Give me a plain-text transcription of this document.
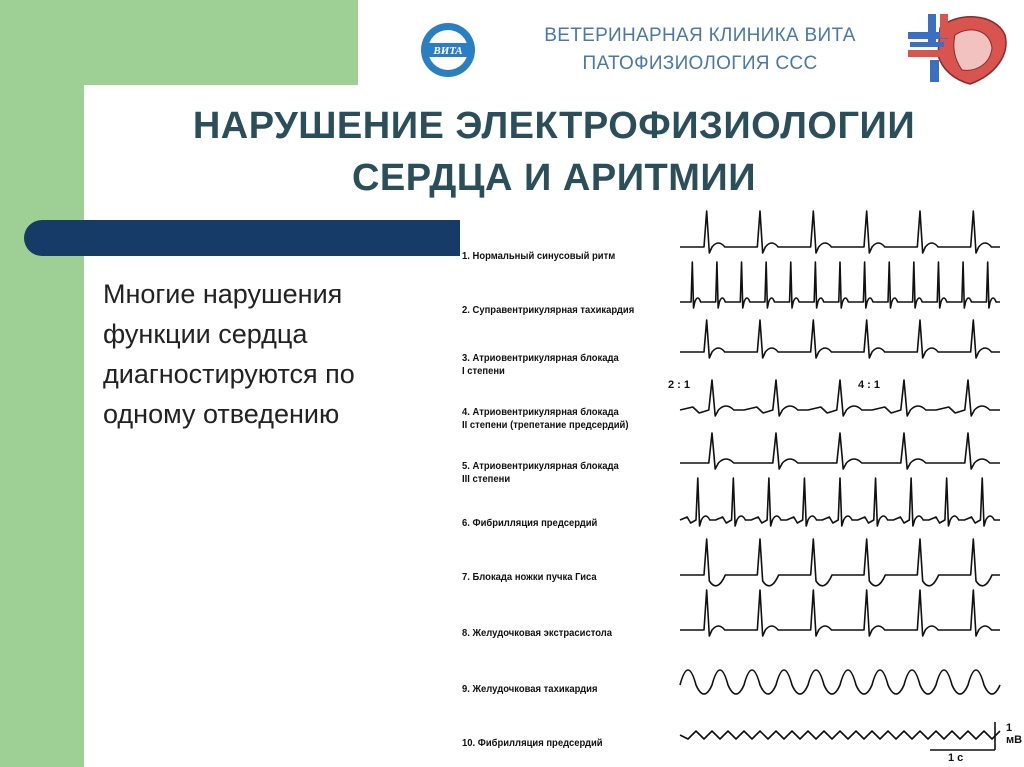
ВИТА
ВЕТЕРИНАРНАЯ КЛИНИКА ВИТА
ПАТОФИЗИОЛОГИЯ ССС
НАРУШЕНИЕ ЭЛЕКТРОФИЗИОЛОГИИ
СЕРДЦА И АРИТМИИ
Многие нарушения
функции сердца
диагностируются по
одному отведению
1. Нормальный синусовый ритм
2. Суправентрикулярная тахикардия
3. Атриовентрикулярная блокада
I степени
4. Атриовентрикулярная блокада
II степени (трепетание предсердий)
5. Атриовентрикулярная блокада
III степени
6. Фибрилляция предсердий
7. Блокада ножки пучка Гиса
8. Желудочковая экстрасистола
9. Желудочковая тахикардия
10. Фибрилляция предсердий
2 : 1	4 : 1
1 c
1 мВ
